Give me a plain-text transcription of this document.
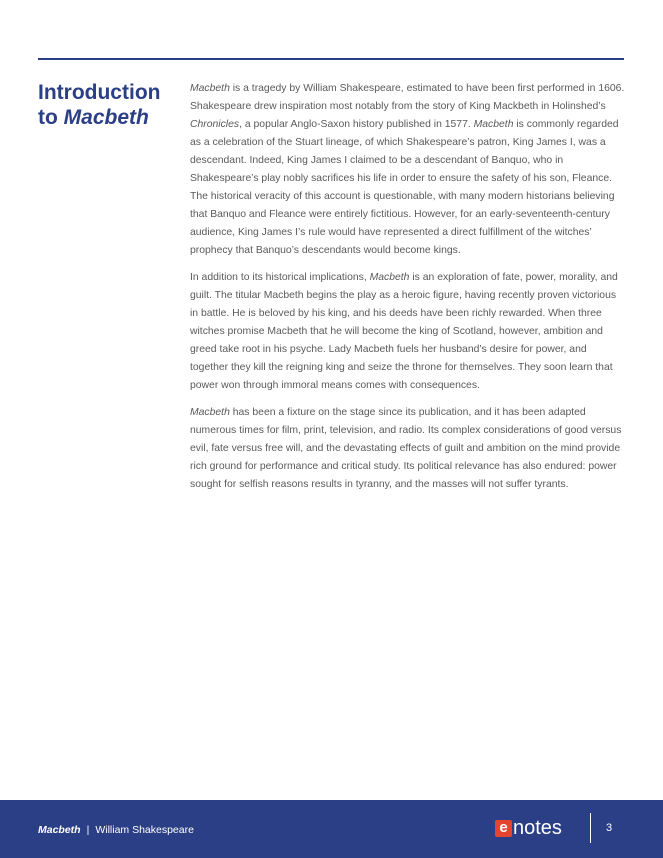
Introduction
to Macbeth

Macbeth is a tragedy by William Shakespeare, estimated to have been first performed in 1606. Shakespeare drew inspiration most notably from the story of King Mackbeth in Holinshed’s Chronicles, a popular Anglo-Saxon history published in 1577. Macbeth is commonly regarded as a celebration of the Stuart lineage, of which Shakespeare’s patron, King James I, was a descendant. Indeed, King James I claimed to be a descendant of Banquo, who in Shakespeare’s play nobly sacrifices his life in order to ensure the safety of his son, Fleance. The historical veracity of this account is questionable, with many modern historians believing that Banquo and Fleance were entirely fictitious. However, for an early-seventeenth-century audience, King James I’s rule would have represented a direct fulfillment of the witches’ prophecy that Banquo’s descendants would become kings.

In addition to its historical implications, Macbeth is an exploration of fate, power, morality, and guilt. The titular Macbeth begins the play as a heroic figure, having recently proven victorious in battle. He is beloved by his king, and his deeds have been richly rewarded. When three witches promise Macbeth that he will become the king of Scotland, however, ambition and greed take root in his psyche. Lady Macbeth fuels her husband’s desire for power, and together they kill the reigning king and seize the throne for themselves. They soon learn that power won through immoral means comes with consequences.

Macbeth has been a fixture on the stage since its publication, and it has been adapted numerous times for film, print, television, and radio. Its complex considerations of good versus evil, fate versus free will, and the devastating effects of guilt and ambition on the mind provide rich ground for performance and critical study. Its political relevance has also endured: power sought for selfish reasons results in tyranny, and the masses will not suffer tyrants.

Macbeth | William Shakespeare	e notes	3
